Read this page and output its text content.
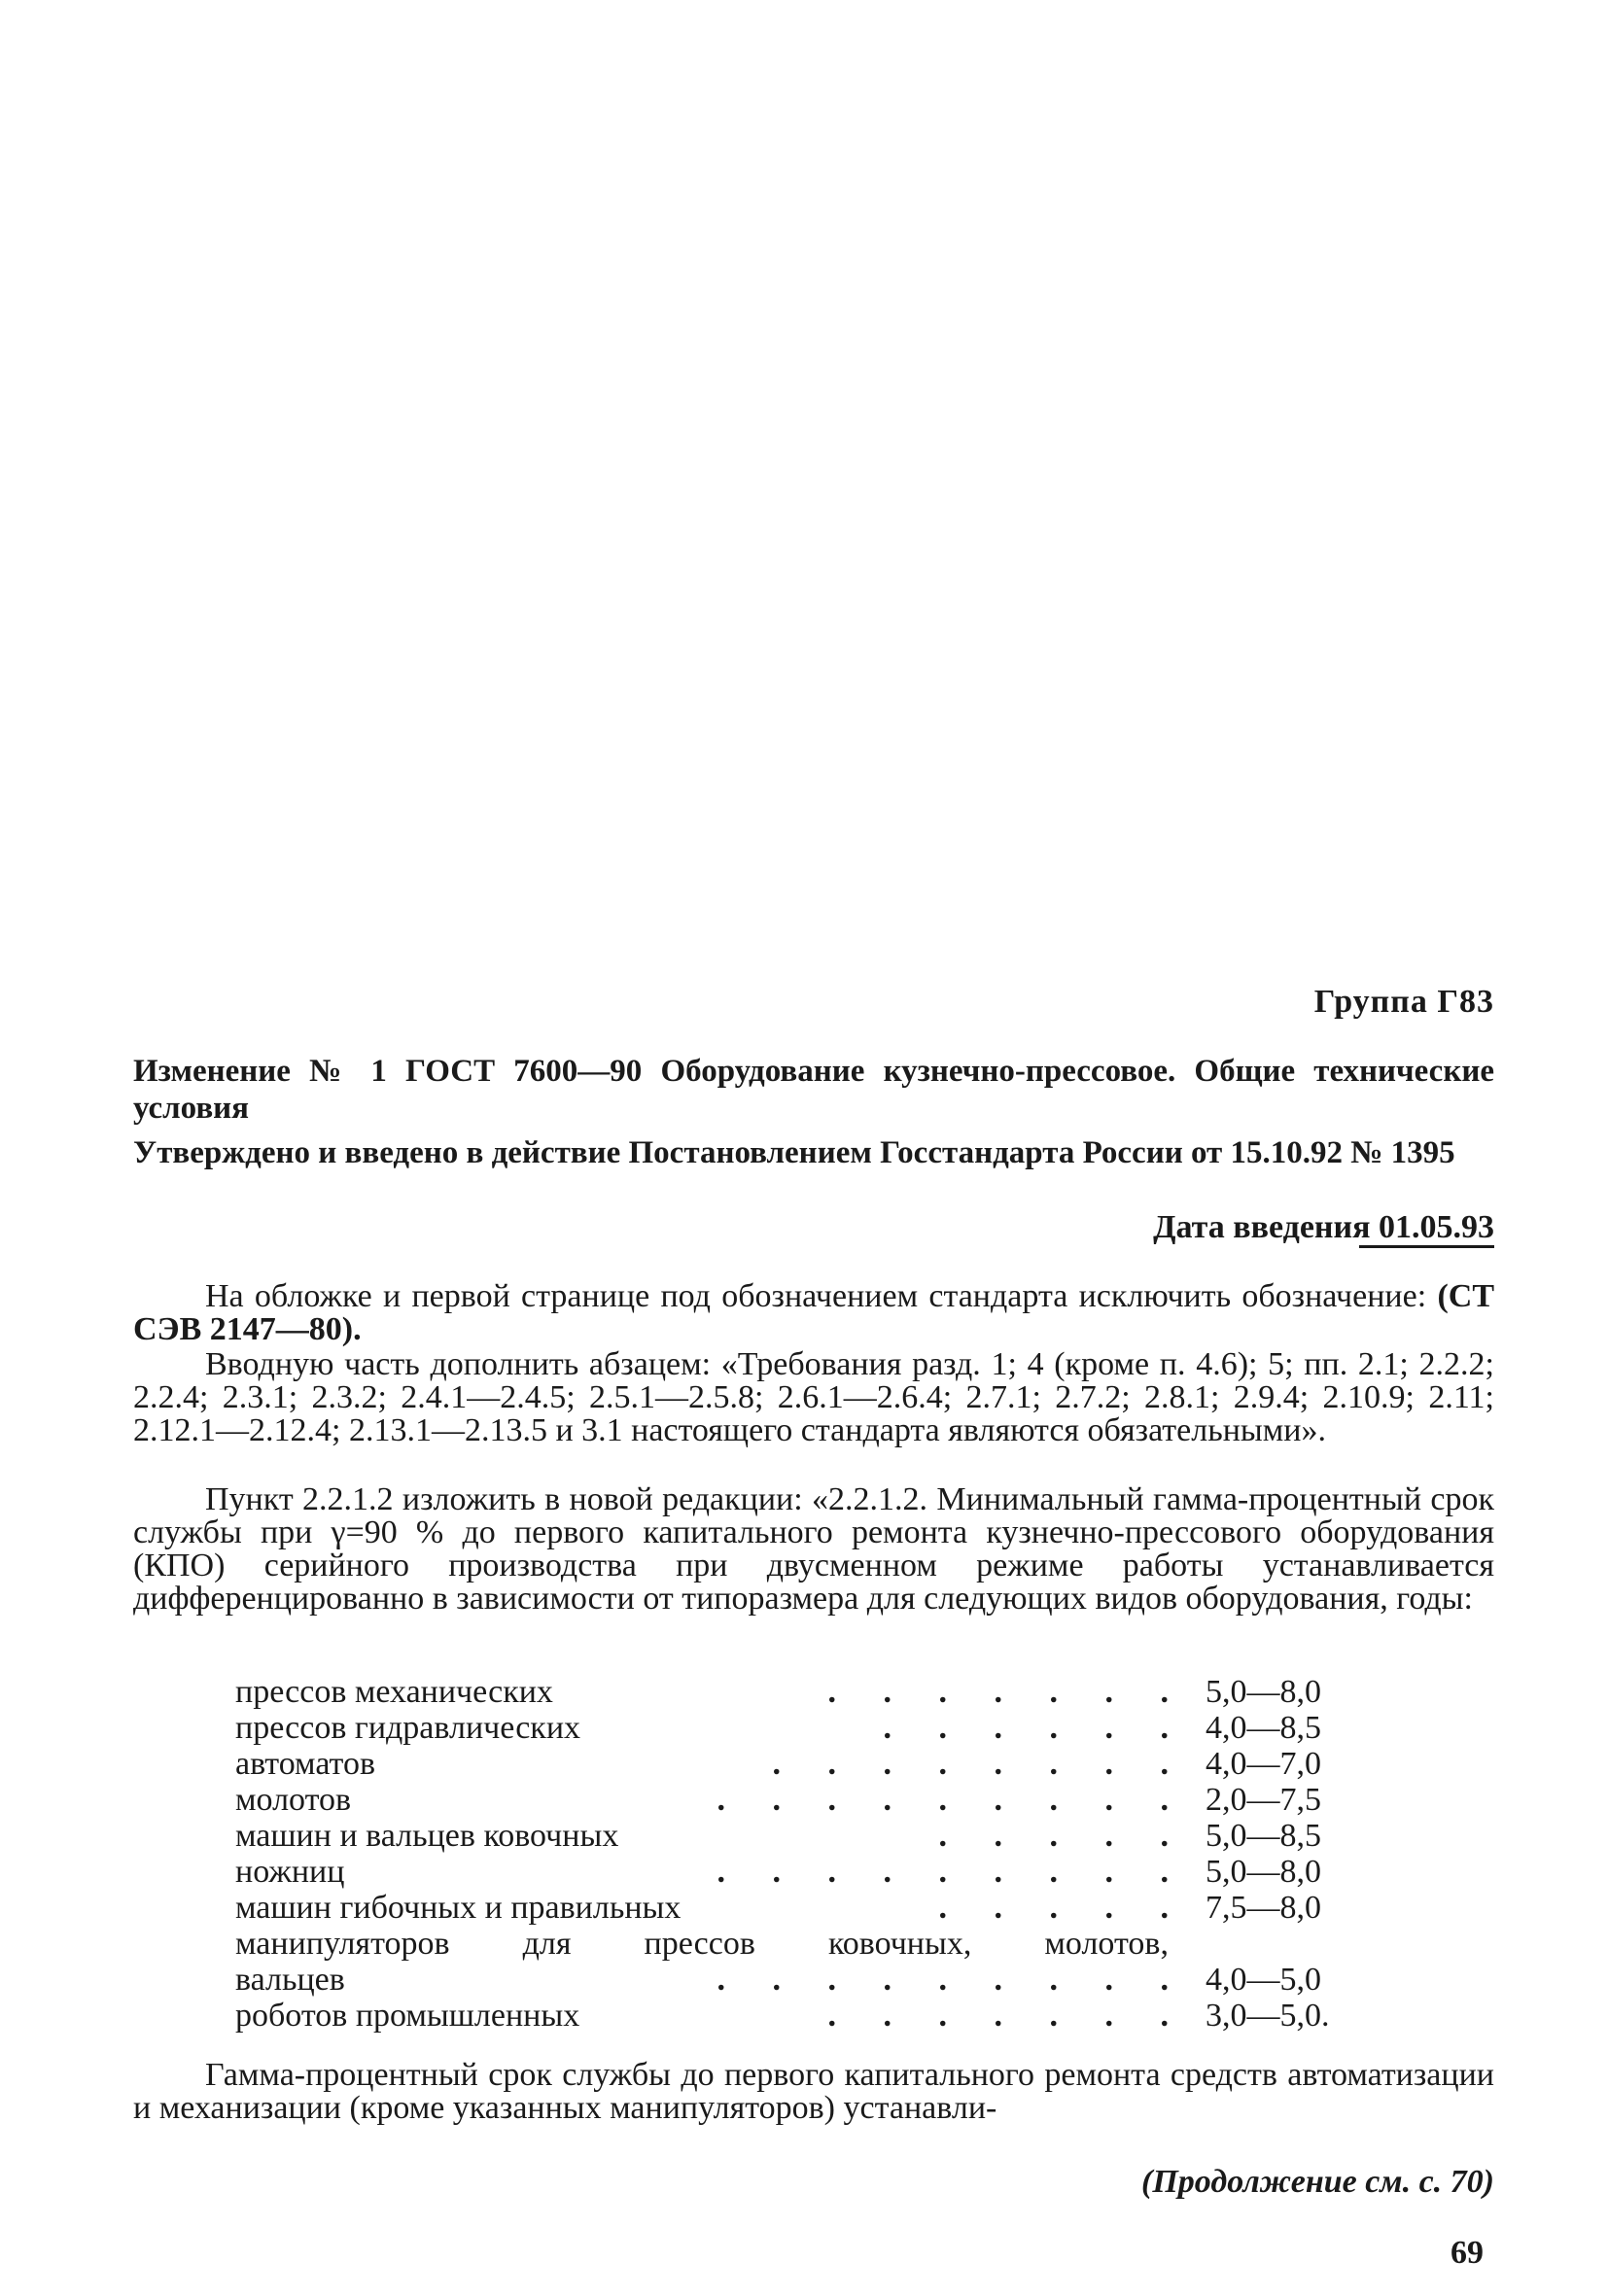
Группа Г83
Изменение № 1 ГОСТ 7600—90 Оборудование кузнечно-прессовое. Общие технические условия
Утверждено и введено в действие Постановлением Госстандарта России от 15.10.92 № 1395
Дата введения 01.05.93
На обложке и первой странице под обозначением стандарта исключить обозначение: (СТ СЭВ 2147—80).
Вводную часть дополнить абзацем: «Требования разд. 1; 4 (кроме п. 4.6); 5; пп. 2.1; 2.2.2; 2.2.4; 2.3.1; 2.3.2; 2.4.1—2.4.5; 2.5.1—2.5.8; 2.6.1—2.6.4; 2.7.1; 2.7.2; 2.8.1; 2.9.4; 2.10.9; 2.11; 2.12.1—2.12.4; 2.13.1—2.13.5 и 3.1 настоящего стандарта являются обязательными».
Пункт 2.2.1.2 изложить в новой редакции: «2.2.1.2. Минимальный гамма-процентный срок службы при γ=90 % до первого капитального ремонта кузнечно-прессового оборудования (КПО) серийного производства при двусменном режиме работы устанавливается дифференцированно в зависимости от типоразмера для следующих видов оборудования, годы:
прессов механических	. . . . . . . 5,0—8,0
прессов гидравлических	. . . . . . 4,0—8,5
автоматов	. . . . . . . . 4,0—7,0
молотов	. . . . . . . . . 2,0—7,5
машин и вальцев ковочных	. . . . . 5,0—8,5
ножниц	. . . . . . . . . 5,0—8,0
машин гибочных и правильных	. . . . . 7,5—8,0
манипуляторов для прессов ковочных, молотов,
вальцев	. . . . . . . . . 4,0—5,0
роботов промышленных	. . . . . . . 3,0—5,0.
Гамма-процентный срок службы до первого капитального ремонта средств автоматизации и механизации (кроме указанных манипуляторов) устанавли-
(Продолжение см. с. 70)
69
